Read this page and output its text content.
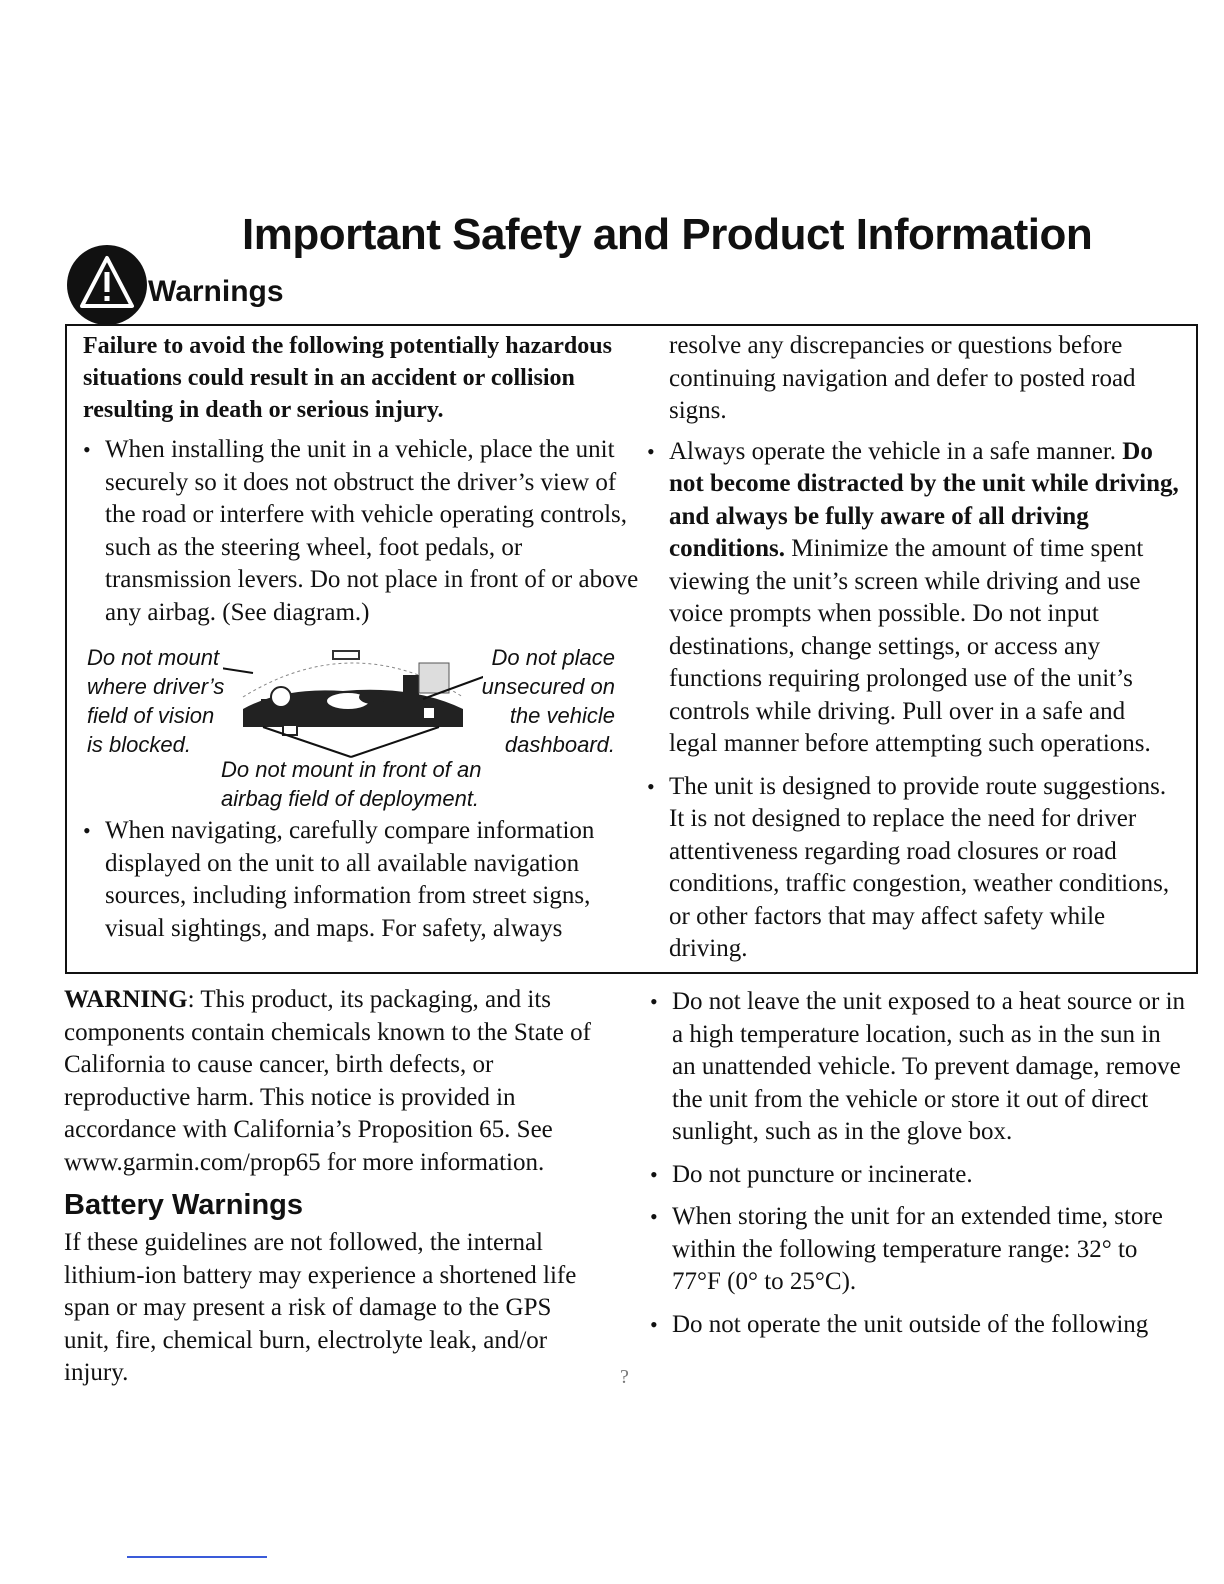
Important Safety and Product Information
Warnings

Failure to avoid the following potentially hazardous situations could result in an accident or collision resulting in death or serious injury.

• When installing the unit in a vehicle, place the unit securely so it does not obstruct the driver’s view of the road or interfere with vehicle operating controls, such as the steering wheel, foot pedals, or transmission levers. Do not place in front of or above any airbag. (See diagram.)
Do not mount where driver’s field of vision is blocked.
Do not place unsecured on the vehicle dashboard.
Do not mount in front of an airbag field of deployment.
• When navigating, carefully compare information displayed on the unit to all available navigation sources, including information from street signs, visual sightings, and maps. For safety, always

resolve any discrepancies or questions before continuing navigation and defer to posted road signs.

• Always operate the vehicle in a safe manner. Do not become distracted by the unit while driving, and always be fully aware of all driving conditions. Minimize the amount of time spent viewing the unit’s screen while driving and use voice prompts when possible. Do not input destinations, change settings, or access any functions requiring prolonged use of the unit’s controls while driving. Pull over in a safe and legal manner before attempting such operations.
• The unit is designed to provide route suggestions. It is not designed to replace the need for driver attentiveness regarding road closures or road conditions, traffic congestion, weather conditions, or other factors that may affect safety while driving.

WARNING: This product, its packaging, and its components contain chemicals known to the State of California to cause cancer, birth defects, or reproductive harm. This notice is provided in accordance with California’s Proposition 65. See www.garmin.com/prop65 for more information.

Battery Warnings

If these guidelines are not followed, the internal lithium-ion battery may experience a shortened life span or may present a risk of damage to the GPS unit, fire, chemical burn, electrolyte leak, and/or injury.

• Do not leave the unit exposed to a heat source or in a high temperature location, such as in the sun in an unattended vehicle. To prevent damage, remove the unit from the vehicle or store it out of direct sunlight, such as in the glove box.
• Do not puncture or incinerate.
• When storing the unit for an extended time, store within the following temperature range: 32° to 77°F (0° to 25°C).
• Do not operate the unit outside of the following
?
